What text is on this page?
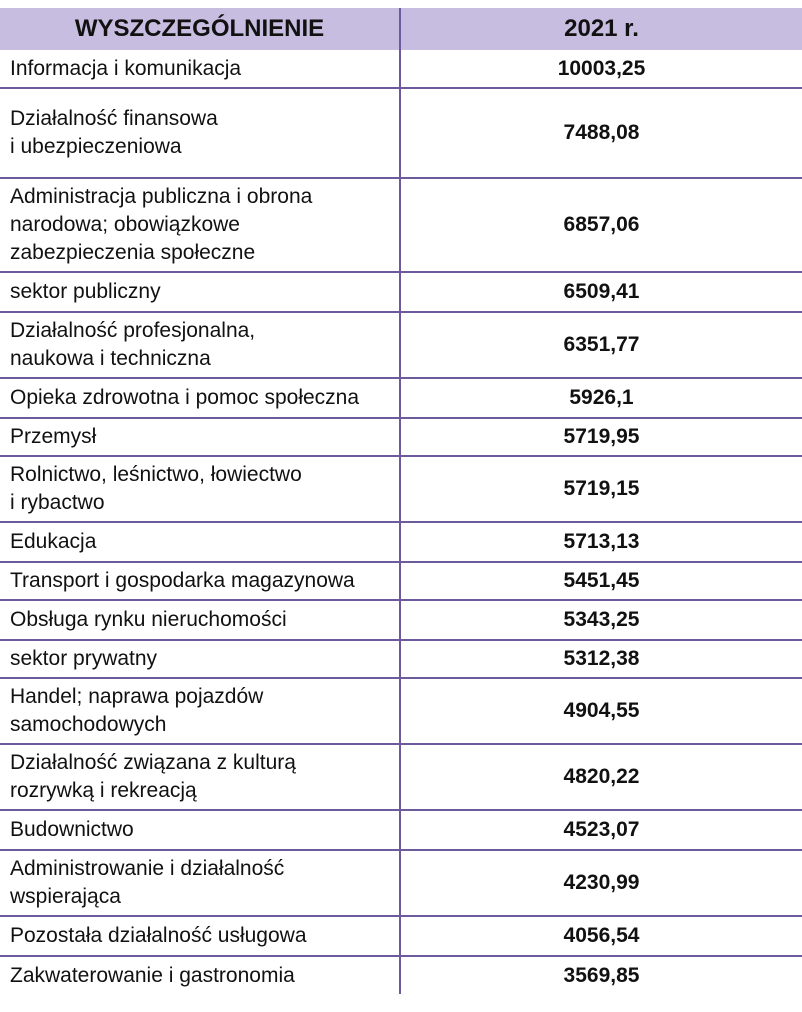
WYSZCZEGÓLNIENIE	2021 r.
Informacja i komunikacja	10003,25
Działalność finansowa
i ubezpieczeniowa	7488,08
Administracja publiczna i obrona
narodowa; obowiązkowe
zabezpieczenia społeczne	6857,06
sektor publiczny	6509,41
Działalność profesjonalna,
naukowa i techniczna	6351,77
Opieka zdrowotna i pomoc społeczna	5926,1
Przemysł	5719,95
Rolnictwo, leśnictwo, łowiectwo
i rybactwo	5719,15
Edukacja	5713,13
Transport i gospodarka magazynowa	5451,45
Obsługa rynku nieruchomości	5343,25
sektor prywatny	5312,38
Handel; naprawa pojazdów
samochodowych	4904,55
Działalność związana z kulturą
rozrywką i rekreacją	4820,22
Budownictwo	4523,07
Administrowanie i działalność
wspierająca	4230,99
Pozostała działalność usługowa	4056,54
Zakwaterowanie i gastronomia	3569,85
